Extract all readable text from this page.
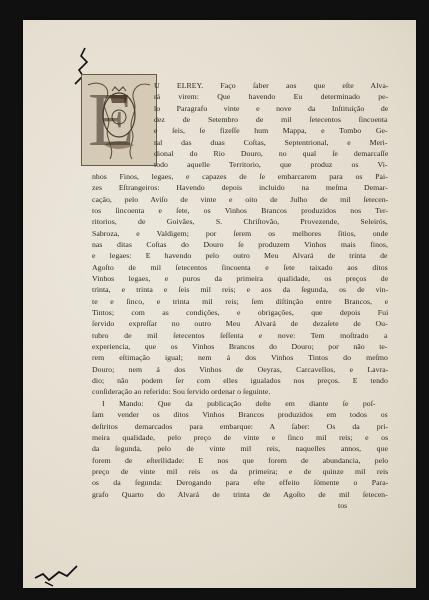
E	U ELREY. Faço ſaber aos que eſte Alva-
rá virem: Que havendo Eu determinado pe-
lo Paragrafo vinte e nove da Inſtituição de
dez de Setembro de mil ſetecentos ſincoenta
e ſeis, ſe fizeſſe hum Mappa, e Tombo Ge-
ral das duas Coſtas, Septentrional, e Meri-
dional do Rio Douro, no qual ſe demarcaſſe
todo aquelle Territorio, que produz os Vi-
nhos Finos, legaes, e capazes de ſe embarcarem para os Pai-
zes Eſtrangeiros: Havendo depois incluido na meſma Demar-
cação, pelo Aviſo de vinte e oito de Julho de mil ſetecen-
tos ſincoenta e ſete, os Vinhos Brancos produzidos nos Ter-
ritorios, de Goivães, S. Chriſtovão, Provezende, Seleirós,
Sabroza, e Valdigem; por ſerem os melhores ſitios, onde
nas ditas Coſtas do Douro ſe produzem Vinhos mais finos,
e legaes: E havendo pelo outro Meu Alvará de trinta de
Agoſto de mil ſetecentos ſincoenta e ſete taixado aos ditos
Vinhos legaes, e puros da primeira qualidade, os preços de
trinta, e trinta e ſeis mil reis; e aos da ſegunda, os de vin-
te e ſinco, e trinta mil reis; ſem diſtinção entre Brancos, e
Tintos; com as condições, e obrigações, que depois Fui
ſervido expreſſar no outro Meu Alvará de dezaſete de Ou-
tubro de mil ſetecentos ſeſſenta e nove: Tem moſtrado a
experiencia, que os Vinhos Brancos do Douro; por não te-
rem eſtimação igual; nem á dos Vinhos Tintos do meſmo
Douro; nem á dos Vinhos de Oeyras, Carcavellos, e Lavra-
dio; não podem ſer com elles igualados nos preços. E tendo
conſideração ao referido: Sou ſervido ordenar o ſeguinte.
I Mando: Que da publicação deſte em diante ſe poſ-
ſam vender os ditos Vinhos Brancos produzidos em todos os
deſtritos demarcados para embarque: A ſaber: Os da pri-
meira qualidade, pelo preço de vinte e ſinco mil reis; e os
da ſegunda, pelo de vinte mil reis, naquelles annos, que
forem de eſterilidade: E nos que forem de abundancia, pelo
preço de vinte mil reis os da primeira; e de quinze mil reis
os da ſegunda: Derogando para eſte effeito ſómente o Para-
grafo Quarto do Alvará de trinta de Agoſto de mil ſetecen-
tos
